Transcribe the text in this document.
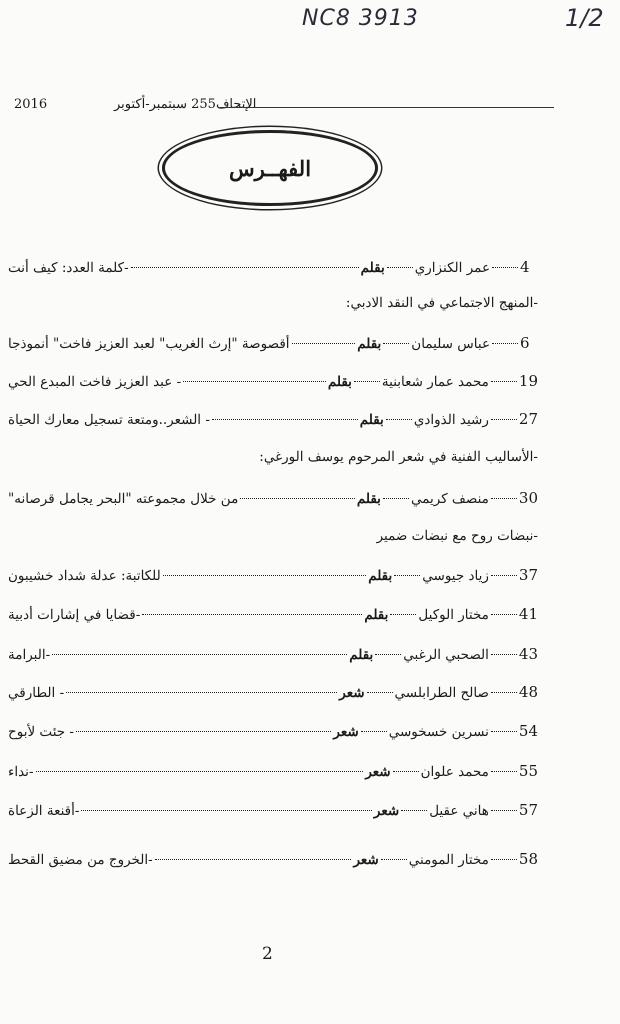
NC8 3913	1/2
2016	الإتحاف255 سبتمبر-أكتوبر
الفهــرس
-كلمة العدد: كيف أنت	بقلم عمر الكنزاري 4
-المنهج الاجتماعي في النقد الادبي:
أقصوصة "إرث الغريب" لعبد العزيز فاخت" أنموذجا	بقلم عباس سليمان 6
- عبد العزيز فاخت المبدع الحي	بقلم محمد عمار شعابنية 19
- الشعر..ومتعة تسجيل معارك الحياة	بقلم رشيد الذوادي 27
-الأساليب الفنية في شعر المرحوم يوسف الورغي:
من خلال مجموعته "البحر يجامل قرصانه"	بقلم منصف كريمي 30
-نبضات روح مع نبضات ضمير
للكاتبة: عدلة شداد خشيبون	بقلم زياد جيوسي 37
-قضايا في إشارات أدبية	بقلم مختار الوكيل 41
-البرامة	بقلم الصحبي الرغبي 43
- الطارقي	شعر صالح الطرابلسي 48
- جئت لأبوح	شعر نسرين خسخوسي 54
-نداء	شعر محمد علوان 55
-أقنعة الزعاة	شعر هاني عقيل 57
-الخروج من مضيق القحط	شعر مختار المومني 58
2
